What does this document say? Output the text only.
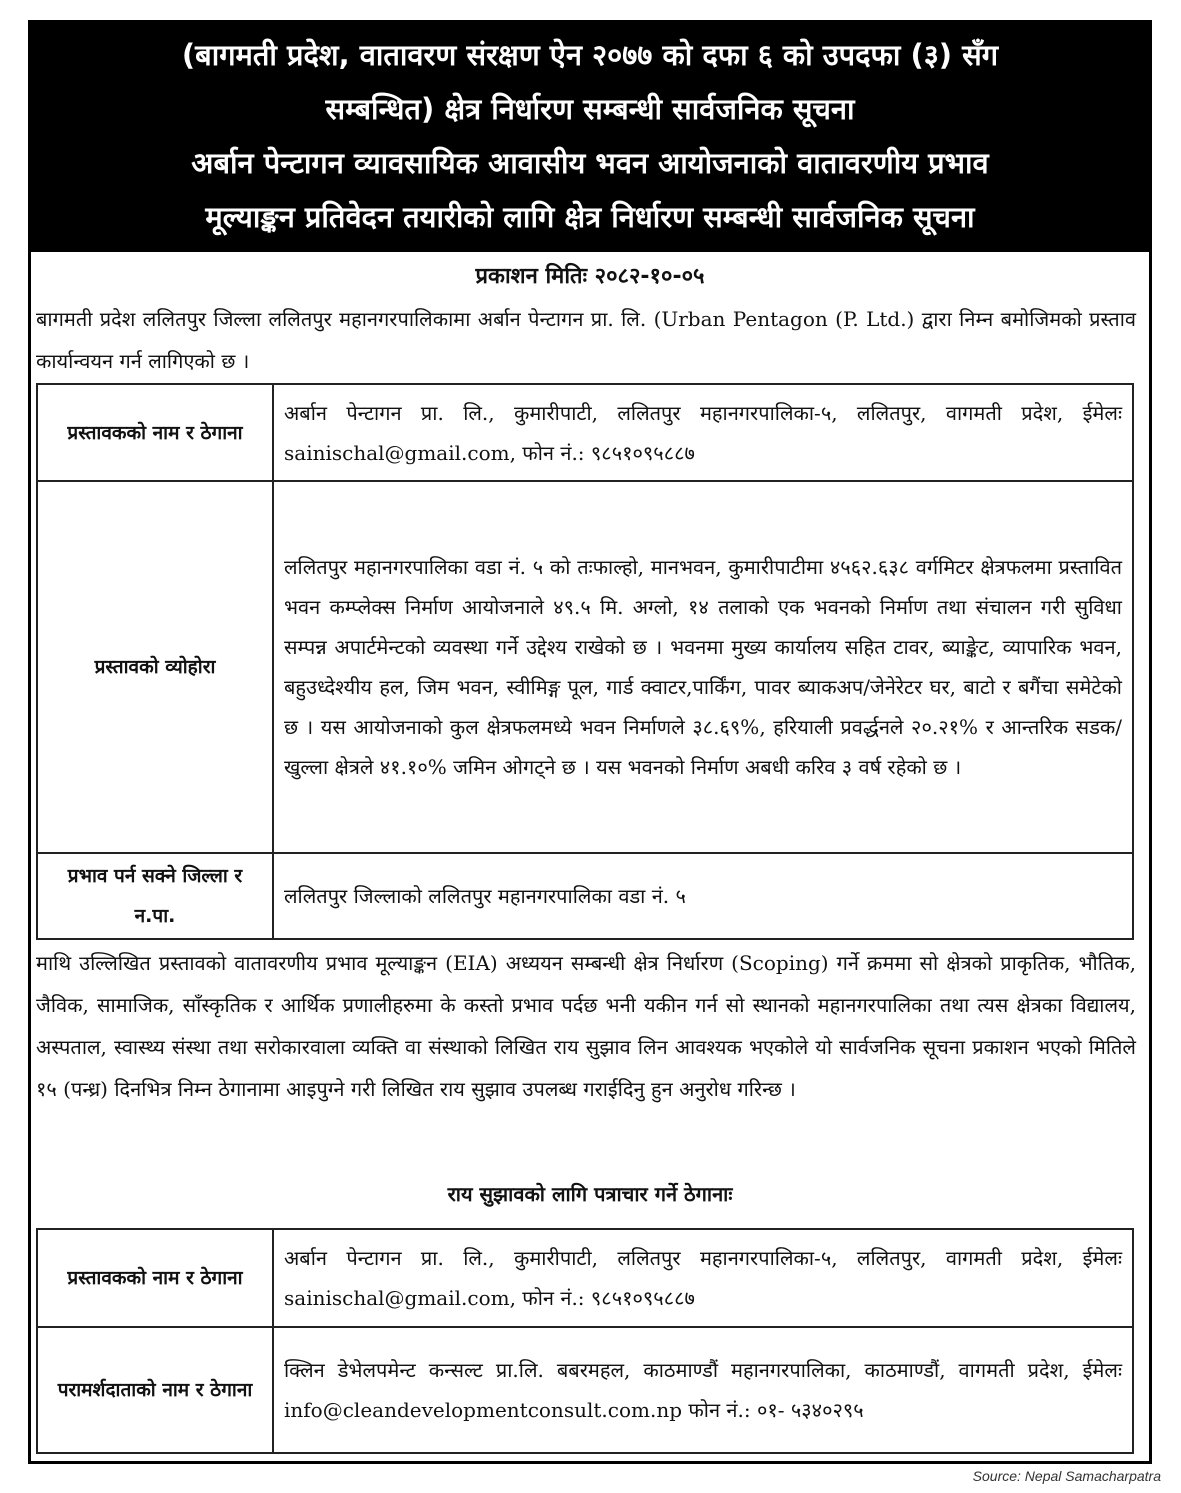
(बागमती प्रदेश, वातावरण संरक्षण ऐन २०७७ को दफा ६ को उपदफा (३) सँग
सम्बन्धित) क्षेत्र निर्धारण सम्बन्धी सार्वजनिक सूचना
अर्बान पेन्टागन व्यावसायिक आवासीय भवन आयोजनाको वातावरणीय प्रभाव
मूल्याङ्कन प्रतिवेदन तयारीको लागि क्षेत्र निर्धारण सम्बन्धी सार्वजनिक सूचना
प्रकाशन मितिः २०८२-१०-०५
बागमती प्रदेश ललितपुर जिल्ला ललितपुर महानगरपालिकामा अर्बान पेन्टागन प्रा. लि. (Urban Pentagon (P. Ltd.) द्वारा निम्न बमोजिमको प्रस्ताव कार्यान्वयन गर्न लागिएको छ ।
प्रस्तावकको नाम र ठेगाना	अर्बान पेन्टागन प्रा. लि., कुमारीपाटी, ललितपुर महानगरपालिका-५, ललितपुर, वागमती प्रदेश, ईमेलः sainischal@gmail.com, फोन नं.: ९८५१०९५८८७
प्रस्तावको व्योहोरा	ललितपुर महानगरपालिका वडा नं. ५ को तःफाल्हो, मानभवन, कुमारीपाटीमा ४५६२.६३८ वर्गमिटर क्षेत्रफलमा प्रस्तावित भवन कम्प्लेक्स निर्माण आयोजनाले ४९.५ मि. अग्लो, १४ तलाको एक भवनको निर्माण तथा संचालन गरी सुविधा सम्पन्न अपार्टमेन्टको व्यवस्था गर्ने उद्देश्य राखेको छ । भवनमा मुख्य कार्यालय सहित टावर, ब्याङ्केट, व्यापारिक भवन, बहुउध्देश्यीय हल, जिम भवन, स्वीमिङ्ग पूल, गार्ड क्वाटर,पार्किंग, पावर ब्याकअप/जेनेरेटर घर, बाटो र बगैंचा समेटेको छ । यस आयोजनाको कुल क्षेत्रफलमध्ये भवन निर्माणले ३८.६९%, हरियाली प्रवर्द्धनले २०.२१% र आन्तरिक सडक/खुल्ला क्षेत्रले ४१.१०% जमिन ओगट्ने छ । यस भवनको निर्माण अबधी करिव ३ वर्ष रहेको छ ।
प्रभाव पर्न सक्ने जिल्ला र न.पा.	ललितपुर जिल्लाको ललितपुर महानगरपालिका वडा नं. ५
माथि उल्लिखित प्रस्तावको वातावरणीय प्रभाव मूल्याङ्कन (EIA) अध्ययन सम्बन्धी क्षेत्र निर्धारण (Scoping) गर्ने क्रममा सो क्षेत्रको प्राकृतिक, भौतिक, जैविक, सामाजिक, साँस्कृतिक र आर्थिक प्रणालीहरुमा के कस्तो प्रभाव पर्दछ भनी यकीन गर्न सो स्थानको महानगरपालिका तथा त्यस क्षेत्रका विद्यालय, अस्पताल, स्वास्थ्य संस्था तथा सरोकारवाला व्यक्ति वा संस्थाको लिखित राय सुझाव लिन आवश्यक भएकोले यो सार्वजनिक सूचना प्रकाशन भएको मितिले १५ (पन्ध्र) दिनभित्र निम्न ठेगानामा आइपुग्ने गरी लिखित राय सुझाव उपलब्ध गराईदिनु हुन अनुरोध गरिन्छ ।
राय सुझावको लागि पत्राचार गर्ने ठेगानाः
प्रस्तावकको नाम र ठेगाना	अर्बान पेन्टागन प्रा. लि., कुमारीपाटी, ललितपुर महानगरपालिका-५, ललितपुर, वागमती प्रदेश, ईमेलः sainischal@gmail.com, फोन नं.: ९८५१०९५८८७
परामर्शदाताको नाम र ठेगाना	क्लिन डेभेलपमेन्ट कन्सल्ट प्रा.लि. बबरमहल, काठमाण्डौं महानगरपालिका, काठमाण्डौं, वागमती प्रदेश, ईमेलः info@cleandevelopmentconsult.com.np फोन नं.: ०१- ५३४०२९५
Source: Nepal Samacharpatra
